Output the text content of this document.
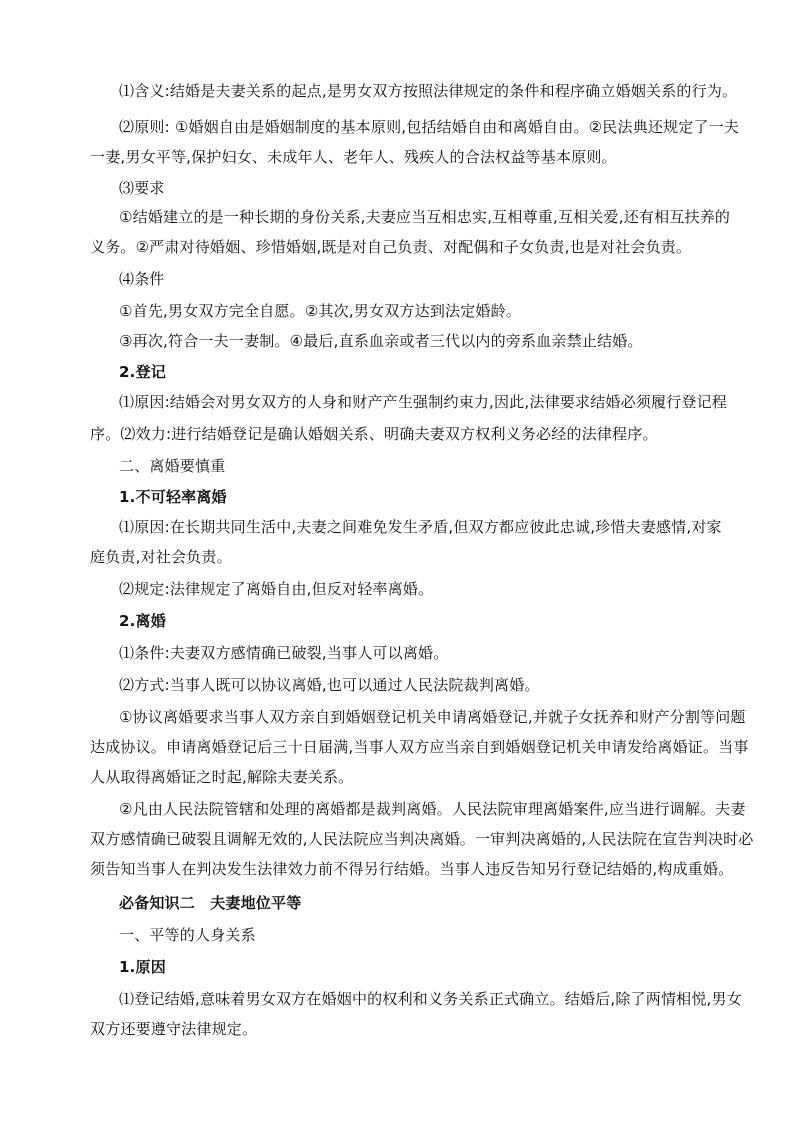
⑴含义:结婚是夫妻关系的起点,是男女双方按照法律规定的条件和程序确立婚姻关系的行为。
⑵原则: ①婚姻自由是婚姻制度的基本原则,包括结婚自由和离婚自由。②民法典还规定了一夫
一妻,男女平等,保护妇女、未成年人、老年人、残疾人的合法权益等基本原则。
⑶要求
①结婚建立的是一种长期的身份关系,夫妻应当互相忠实,互相尊重,互相关爱,还有相互扶养的
义务。②严肃对待婚姻、珍惜婚姻,既是对自己负责、对配偶和子女负责,也是对社会负责。
⑷条件
①首先,男女双方完全自愿。②其次,男女双方达到法定婚龄。
③再次,符合一夫一妻制。④最后,直系血亲或者三代以内的旁系血亲禁止结婚。
2.登记
⑴原因:结婚会对男女双方的人身和财产产生强制约束力,因此,法律要求结婚必须履行登记程
序。⑵效力:进行结婚登记是确认婚姻关系、明确夫妻双方权利义务必经的法律程序。
二、离婚要慎重
1.不可轻率离婚
⑴原因:在长期共同生活中,夫妻之间难免发生矛盾,但双方都应彼此忠诚,珍惜夫妻感情,对家
庭负责,对社会负责。
⑵规定:法律规定了离婚自由,但反对轻率离婚。
2.离婚
⑴条件:夫妻双方感情确已破裂,当事人可以离婚。
⑵方式:当事人既可以协议离婚,也可以通过人民法院裁判离婚。
①协议离婚要求当事人双方亲自到婚姻登记机关申请离婚登记,并就子女抚养和财产分割等问题
达成协议。申请离婚登记后三十日届满,当事人双方应当亲自到婚姻登记机关申请发给离婚证。当事
人从取得离婚证之时起,解除夫妻关系。
②凡由人民法院管辖和处理的离婚都是裁判离婚。人民法院审理离婚案件,应当进行调解。夫妻
双方感情确已破裂且调解无效的,人民法院应当判决离婚。一审判决离婚的,人民法院在宣告判决时必
须告知当事人在判决发生法律效力前不得另行结婚。当事人违反告知另行登记结婚的,构成重婚。
必备知识二　夫妻地位平等
一、平等的人身关系
1.原因
⑴登记结婚,意味着男女双方在婚姻中的权利和义务关系正式确立。结婚后,除了两情相悦,男女
双方还要遵守法律规定。
